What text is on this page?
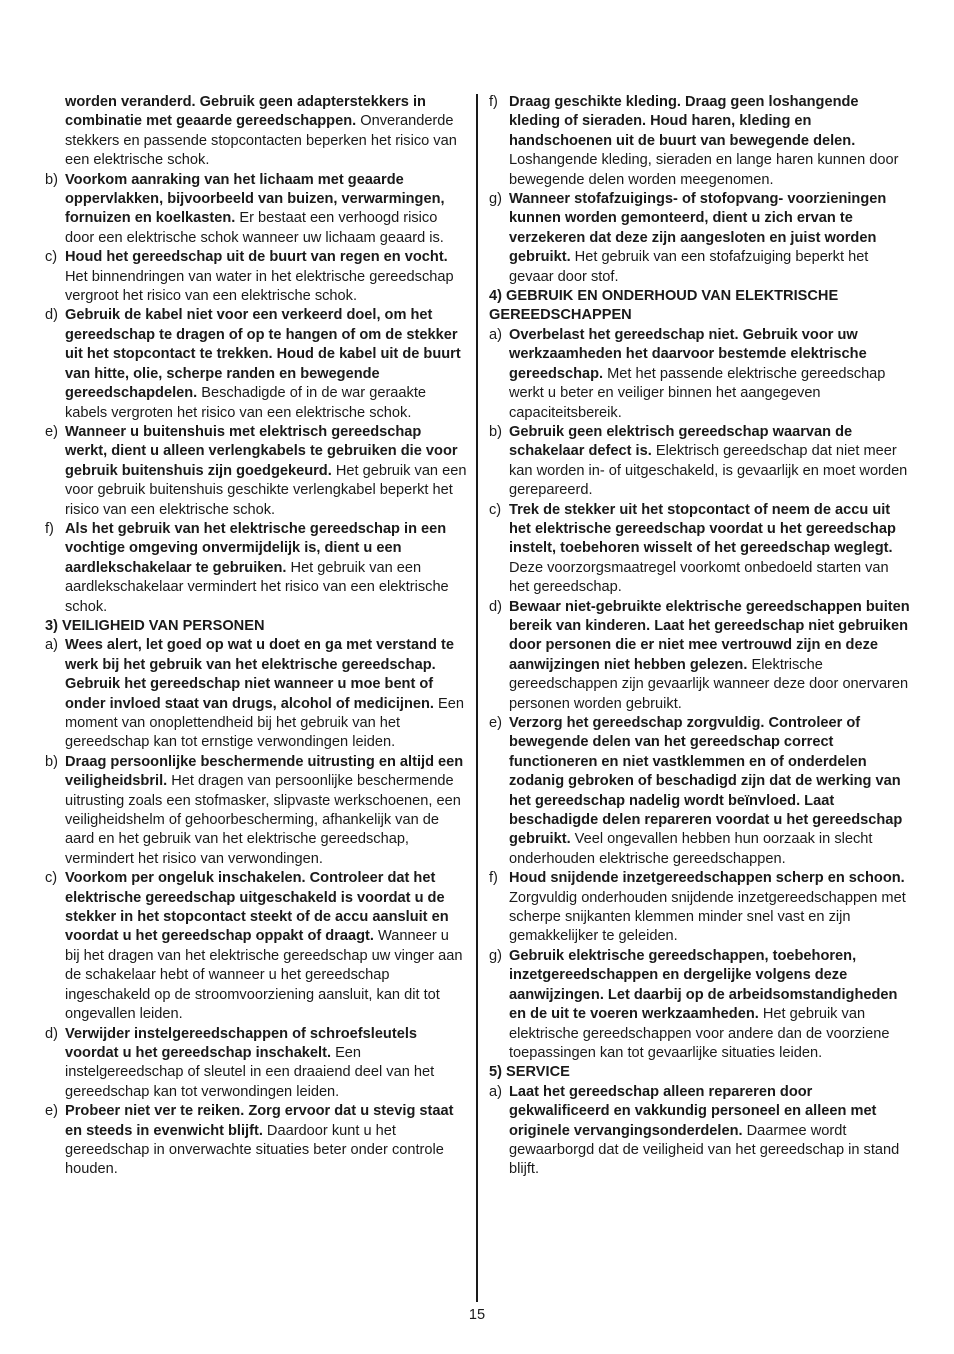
worden veranderd. Gebruik geen adapterstekkers in combinatie met geaarde gereedschappen. Onveranderde stekkers en passende stopcontacten beperken het risico van een elektrische schok.
b) Voorkom aanraking van het lichaam met geaarde oppervlakken, bijvoorbeeld van buizen, verwarmingen, fornuizen en koelkasten. Er bestaat een verhoogd risico door een elektrische schok wanneer uw lichaam geaard is.
c) Houd het gereedschap uit de buurt van regen en vocht. Het binnendringen van water in het elektrische gereedschap vergroot het risico van een elektrische schok.
d) Gebruik de kabel niet voor een verkeerd doel, om het gereedschap te dragen of op te hangen of om de stekker uit het stopcontact te trekken. Houd de kabel uit de buurt van hitte, olie, scherpe randen en bewegende gereedschapdelen. Beschadigde of in de war geraakte kabels vergroten het risico van een elektrische schok.
e) Wanneer u buitenshuis met elektrisch gereedschap werkt, dient u alleen verlengkabels te gebruiken die voor gebruik buitenshuis zijn goedgekeurd. Het gebruik van een voor gebruik buitenshuis geschikte verlengkabel beperkt het risico van een elektrische schok.
f) Als het gebruik van het elektrische gereedschap in een vochtige omgeving onvermijdelijk is, dient u een aardlekschakelaar te gebruiken. Het gebruik van een aardlekschakelaar vermindert het risico van een elektrische schok.
3) VEILIGHEID VAN PERSONEN
a) Wees alert, let goed op wat u doet en ga met verstand te werk bij het gebruik van het elektrische gereedschap. Gebruik het gereedschap niet wanneer u moe bent of onder invloed staat van drugs, alcohol of medicijnen. Een moment van onoplettendheid bij het gebruik van het gereedschap kan tot ernstige verwondingen leiden.
b) Draag persoonlijke beschermende uitrusting en altijd een veiligheidsbril. Het dragen van persoonlijke beschermende uitrusting zoals een stofmasker, slipvaste werkschoenen, een veiligheidshelm of gehoorbescherming, afhankelijk van de aard en het gebruik van het elektrische gereedschap, vermindert het risico van verwondingen.
c) Voorkom per ongeluk inschakelen. Controleer dat het elektrische gereedschap uitgeschakeld is voordat u de stekker in het stopcontact steekt of de accu aansluit en voordat u het gereedschap oppakt of draagt. Wanneer u bij het dragen van het elektrische gereedschap uw vinger aan de schakelaar hebt of wanneer u het gereedschap ingeschakeld op de stroomvoorziening aansluit, kan dit tot ongevallen leiden.
d) Verwijder instelgereedschappen of schroefsleutels voordat u het gereedschap inschakelt. Een instelgereedschap of sleutel in een draaiend deel van het gereedschap kan tot verwondingen leiden.
e) Probeer niet ver te reiken. Zorg ervoor dat u stevig staat en steeds in evenwicht blijft. Daardoor kunt u het gereedschap in onverwachte situaties beter onder controle houden.
f) Draag geschikte kleding. Draag geen loshangende kleding of sieraden. Houd haren, kleding en handschoenen uit de buurt van bewegende delen. Loshangende kleding, sieraden en lange haren kunnen door bewegende delen worden meegenomen.
g) Wanneer stofafzuigings- of stofopvang- voorzieningen kunnen worden gemonteerd, dient u zich ervan te verzekeren dat deze zijn aangesloten en juist worden gebruikt. Het gebruik van een stofafzuiging beperkt het gevaar door stof.
4) GEBRUIK EN ONDERHOUD VAN ELEKTRISCHE GEREEDSCHAPPEN
a) Overbelast het gereedschap niet. Gebruik voor uw werkzaamheden het daarvoor bestemde elektrische gereedschap. Met het passende elektrische gereedschap werkt u beter en veiliger binnen het aangegeven capaciteitsbereik.
b) Gebruik geen elektrisch gereedschap waarvan de schakelaar defect is. Elektrisch gereedschap dat niet meer kan worden in- of uitgeschakeld, is gevaarlijk en moet worden gerepareerd.
c) Trek de stekker uit het stopcontact of neem de accu uit het elektrische gereedschap voordat u het gereedschap instelt, toebehoren wisselt of het gereedschap weglegt. Deze voorzorgsmaatregel voorkomt onbedoeld starten van het gereedschap.
d) Bewaar niet-gebruikte elektrische gereedschappen buiten bereik van kinderen. Laat het gereedschap niet gebruiken door personen die er niet mee vertrouwd zijn en deze aanwijzingen niet hebben gelezen. Elektrische gereedschappen zijn gevaarlijk wanneer deze door onervaren personen worden gebruikt.
e) Verzorg het gereedschap zorgvuldig. Controleer of bewegende delen van het gereedschap correct functioneren en niet vastklemmen en of onderdelen zodanig gebroken of beschadigd zijn dat de werking van het gereedschap nadelig wordt beïnvloed. Laat beschadigde delen repareren voordat u het gereedschap gebruikt. Veel ongevallen hebben hun oorzaak in slecht onderhouden elektrische gereedschappen.
f) Houd snijdende inzetgereedschappen scherp en schoon. Zorgvuldig onderhouden snijdende inzetgereedschappen met scherpe snijkanten klemmen minder snel vast en zijn gemakkelijker te geleiden.
g) Gebruik elektrische gereedschappen, toebehoren, inzetgereedschappen en dergelijke volgens deze aanwijzingen. Let daarbij op de arbeidsomstandigheden en de uit te voeren werkzaamheden. Het gebruik van elektrische gereedschappen voor andere dan de voorziene toepassingen kan tot gevaarlijke situaties leiden.
5) SERVICE
a) Laat het gereedschap alleen repareren door gekwalificeerd en vakkundig personeel en alleen met originele vervangingsonderdelen. Daarmee wordt gewaarborgd dat de veiligheid van het gereedschap in stand blijft.
15
